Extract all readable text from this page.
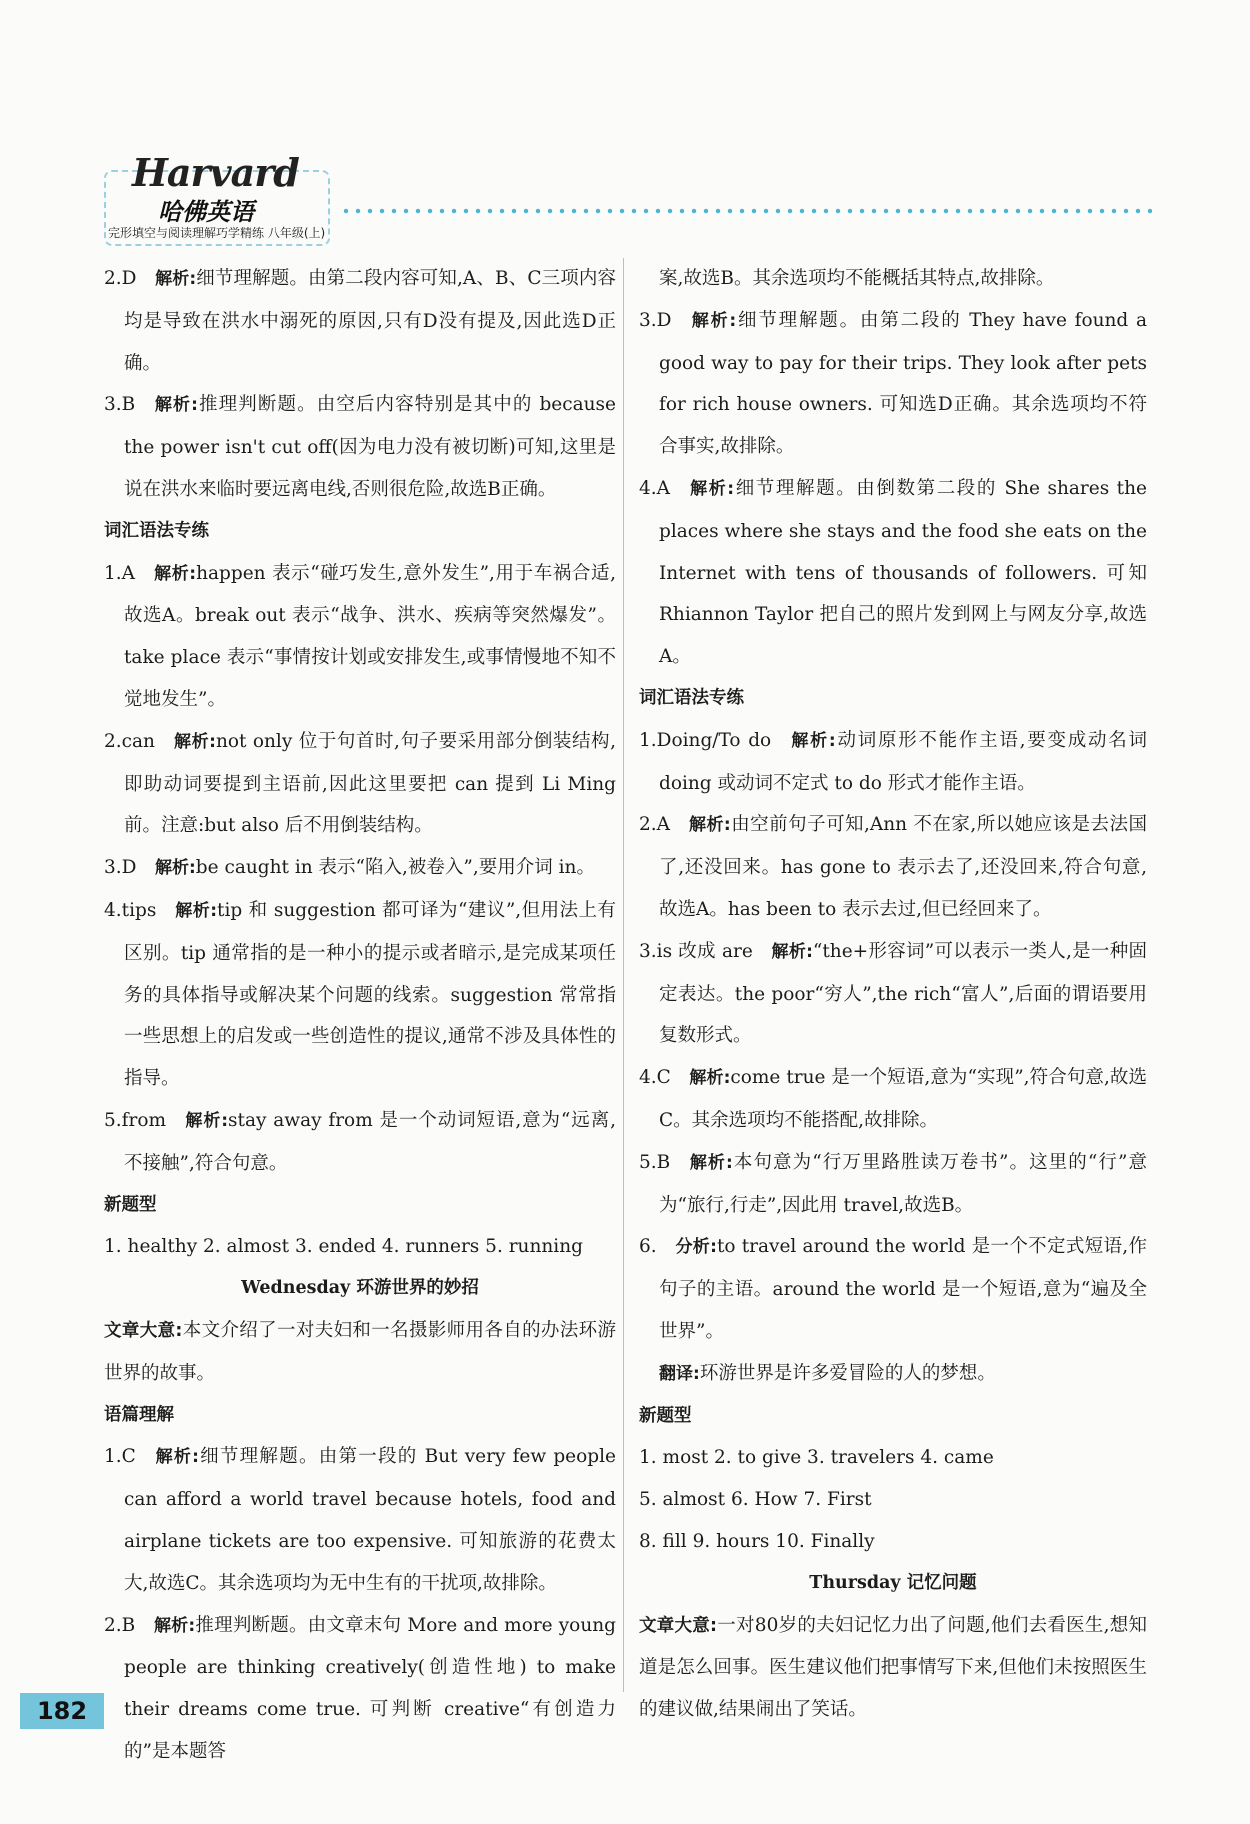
Harvard
哈佛英语
完形填空与阅读理解巧学精练 八年级(上)
2.D  解析:细节理解题。由第二段内容可知,A、B、C三项内容均是导致在洪水中溺死的原因,只有D没有提及,因此选D正确。
3.B  解析:推理判断题。由空后内容特别是其中的 because the power isn't cut off(因为电力没有被切断)可知,这里是说在洪水来临时要远离电线,否则很危险,故选B正确。
词汇语法专练
1.A  解析:happen 表示“碰巧发生,意外发生”,用于车祸合适,故选A。break out 表示“战争、洪水、疾病等突然爆发”。take place 表示“事情按计划或安排发生,或事情慢地不知不觉地发生”。
2.can  解析:not only 位于句首时,句子要采用部分倒装结构,即助动词要提到主语前,因此这里要把 can 提到 Li Ming 前。注意:but also 后不用倒装结构。
3.D  解析:be caught in 表示“陷入,被卷入”,要用介词 in。
4.tips  解析:tip 和 suggestion 都可译为“建议”,但用法上有区别。tip 通常指的是一种小的提示或者暗示,是完成某项任务的具体指导或解决某个问题的线索。suggestion 常常指一些思想上的启发或一些创造性的提议,通常不涉及具体性的指导。
5.from  解析:stay away from 是一个动词短语,意为“远离,不接触”,符合句意。
新题型
1. healthy 2. almost 3. ended 4. runners 5. running
Wednesday 环游世界的妙招
文章大意:本文介绍了一对夫妇和一名摄影师用各自的办法环游世界的故事。
语篇理解
1.C  解析:细节理解题。由第一段的 But very few people can afford a world travel because hotels, food and airplane tickets are too expensive. 可知旅游的花费太大,故选C。其余选项均为无中生有的干扰项,故排除。
2.B  解析:推理判断题。由文章末句 More and more young people are thinking creatively(创造性地) to make their dreams come true. 可判断 creative“有创造力的”是本题答
案,故选B。其余选项均不能概括其特点,故排除。
3.D  解析:细节理解题。由第二段的 They have found a good way to pay for their trips. They look after pets for rich house owners. 可知选D正确。其余选项均不符合事实,故排除。
4.A  解析:细节理解题。由倒数第二段的 She shares the places where she stays and the food she eats on the Internet with tens of thousands of followers. 可知 Rhiannon Taylor 把自己的照片发到网上与网友分享,故选A。
词汇语法专练
1.Doing/To do  解析:动词原形不能作主语,要变成动名词 doing 或动词不定式 to do 形式才能作主语。
2.A  解析:由空前句子可知,Ann 不在家,所以她应该是去法国了,还没回来。has gone to 表示去了,还没回来,符合句意,故选A。has been to 表示去过,但已经回来了。
3.is 改成 are  解析:“the+形容词”可以表示一类人,是一种固定表达。the poor“穷人”,the rich“富人”,后面的谓语要用复数形式。
4.C  解析:come true 是一个短语,意为“实现”,符合句意,故选C。其余选项均不能搭配,故排除。
5.B  解析:本句意为“行万里路胜读万卷书”。这里的“行”意为“旅行,行走”,因此用 travel,故选B。
6.  分析:to travel around the world 是一个不定式短语,作句子的主语。around the world 是一个短语,意为“遍及全世界”。
翻译:环游世界是许多爱冒险的人的梦想。
新题型
1. most 2. to give 3. travelers 4. came
5. almost 6. How 7. First
8. fill 9. hours 10. Finally
Thursday 记忆问题
文章大意:一对80岁的夫妇记忆力出了问题,他们去看医生,想知道是怎么回事。医生建议他们把事情写下来,但他们未按照医生的建议做,结果闹出了笑话。
182
